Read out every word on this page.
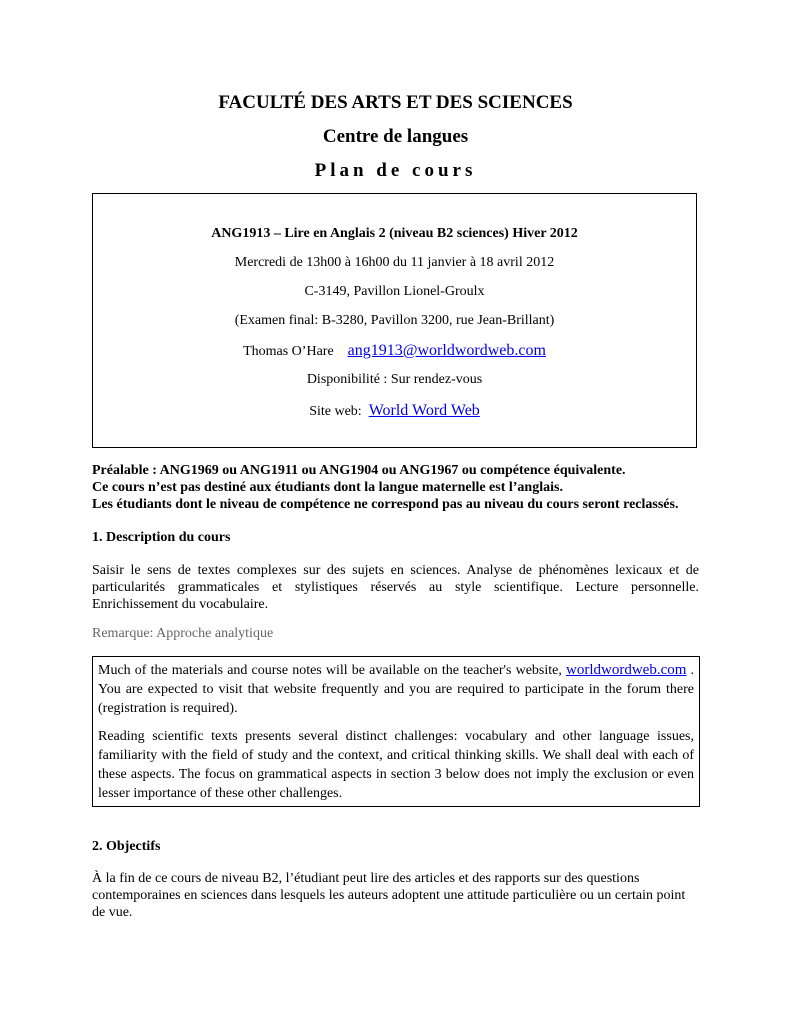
FACULTÉ DES ARTS ET DES SCIENCES
Centre de langues
Plan de cours
ANG1913 – Lire en Anglais 2 (niveau B2 sciences) Hiver 2012
Mercredi de 13h00 à 16h00 du 11 janvier à 18 avril 2012
C-3149, Pavillon Lionel-Groulx
(Examen final: B-3280, Pavillon 3200, rue Jean-Brillant)
Thomas O’Hare ang1913@worldwordweb.com
Disponibilité : Sur rendez-vous
Site web: World Word Web
Préalable : ANG1969 ou ANG1911 ou ANG1904 ou ANG1967 ou compétence équivalente.
Ce cours n’est pas destiné aux étudiants dont la langue maternelle est l’anglais.
Les étudiants dont le niveau de compétence ne correspond pas au niveau du cours seront reclassés.
1. Description du cours
Saisir le sens de textes complexes sur des sujets en sciences. Analyse de phénomènes lexicaux et de particularités grammaticales et stylistiques réservés au style scientifique. Lecture personnelle. Enrichissement du vocabulaire.
Remarque: Approche analytique

Much of the materials and course notes will be available on the teacher's website, worldwordweb.com . You are expected to visit that website frequently and you are required to participate in the forum there (registration is required).

Reading scientific texts presents several distinct challenges: vocabulary and other language issues, familiarity with the field of study and the context, and critical thinking skills. We shall deal with each of these aspects. The focus on grammatical aspects in section 3 below does not imply the exclusion or even lesser importance of these other challenges.

2. Objectifs
À la fin de ce cours de niveau B2, l’étudiant peut lire des articles et des rapports sur des questions contemporaines en sciences dans lesquels les auteurs adoptent une attitude particulière ou un certain point de vue.
